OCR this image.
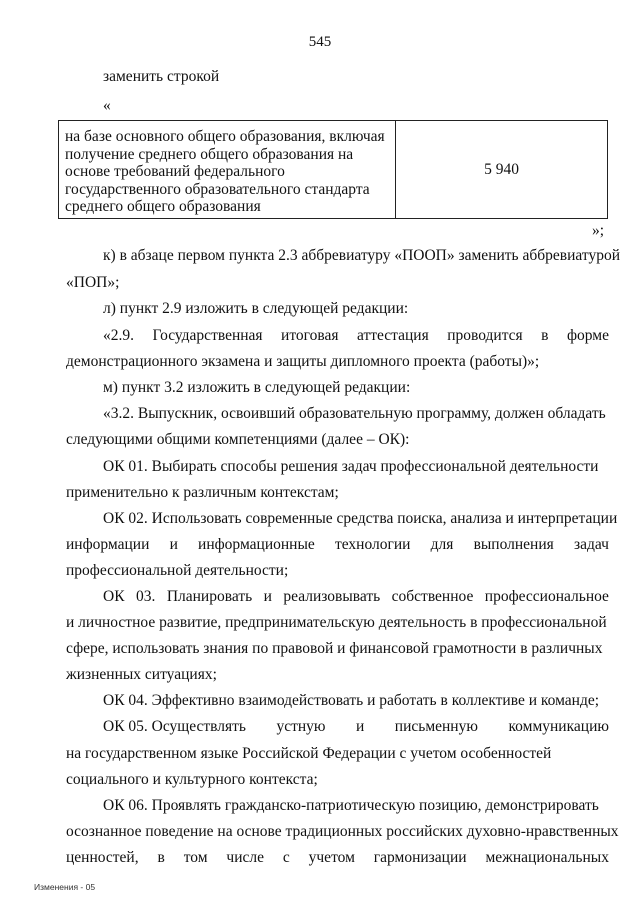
545
заменить строкой
«
на базе основного общего образования, включая
получение среднего общего образования на
основе требований федерального
государственного образовательного стандарта
среднего общего образования
5 940
»;
к) в абзаце первом пункта 2.3 аббревиатуру «ПООП» заменить аббревиатурой
«ПОП»;
л) пункт 2.9 изложить в следующей редакции:
«2.9. Государственная итоговая аттестация проводится в форме
демонстрационного экзамена и защиты дипломного проекта (работы)»;
м) пункт 3.2 изложить в следующей редакции:
«3.2. Выпускник, освоивший образовательную программу, должен обладать
следующими общими компетенциями (далее – ОК):
ОК 01. Выбирать способы решения задач профессиональной деятельности
применительно к различным контекстам;
ОК 02. Использовать современные средства поиска, анализа и интерпретации
информации и информационные технологии для выполнения задач
профессиональной деятельности;
ОК 03. Планировать и реализовывать собственное профессиональное
и личностное развитие, предпринимательскую деятельность в профессиональной
сфере, использовать знания по правовой и финансовой грамотности в различных
жизненных ситуациях;
ОК 04. Эффективно взаимодействовать и работать в коллективе и команде;
ОК 05. Осуществлять устную и письменную коммуникацию
на государственном языке Российской Федерации с учетом особенностей
социального и культурного контекста;
ОК 06. Проявлять гражданско-патриотическую позицию, демонстрировать
осознанное поведение на основе традиционных российских духовно-нравственных
ценностей, в том числе с учетом гармонизации межнациональных
Изменения - 05
